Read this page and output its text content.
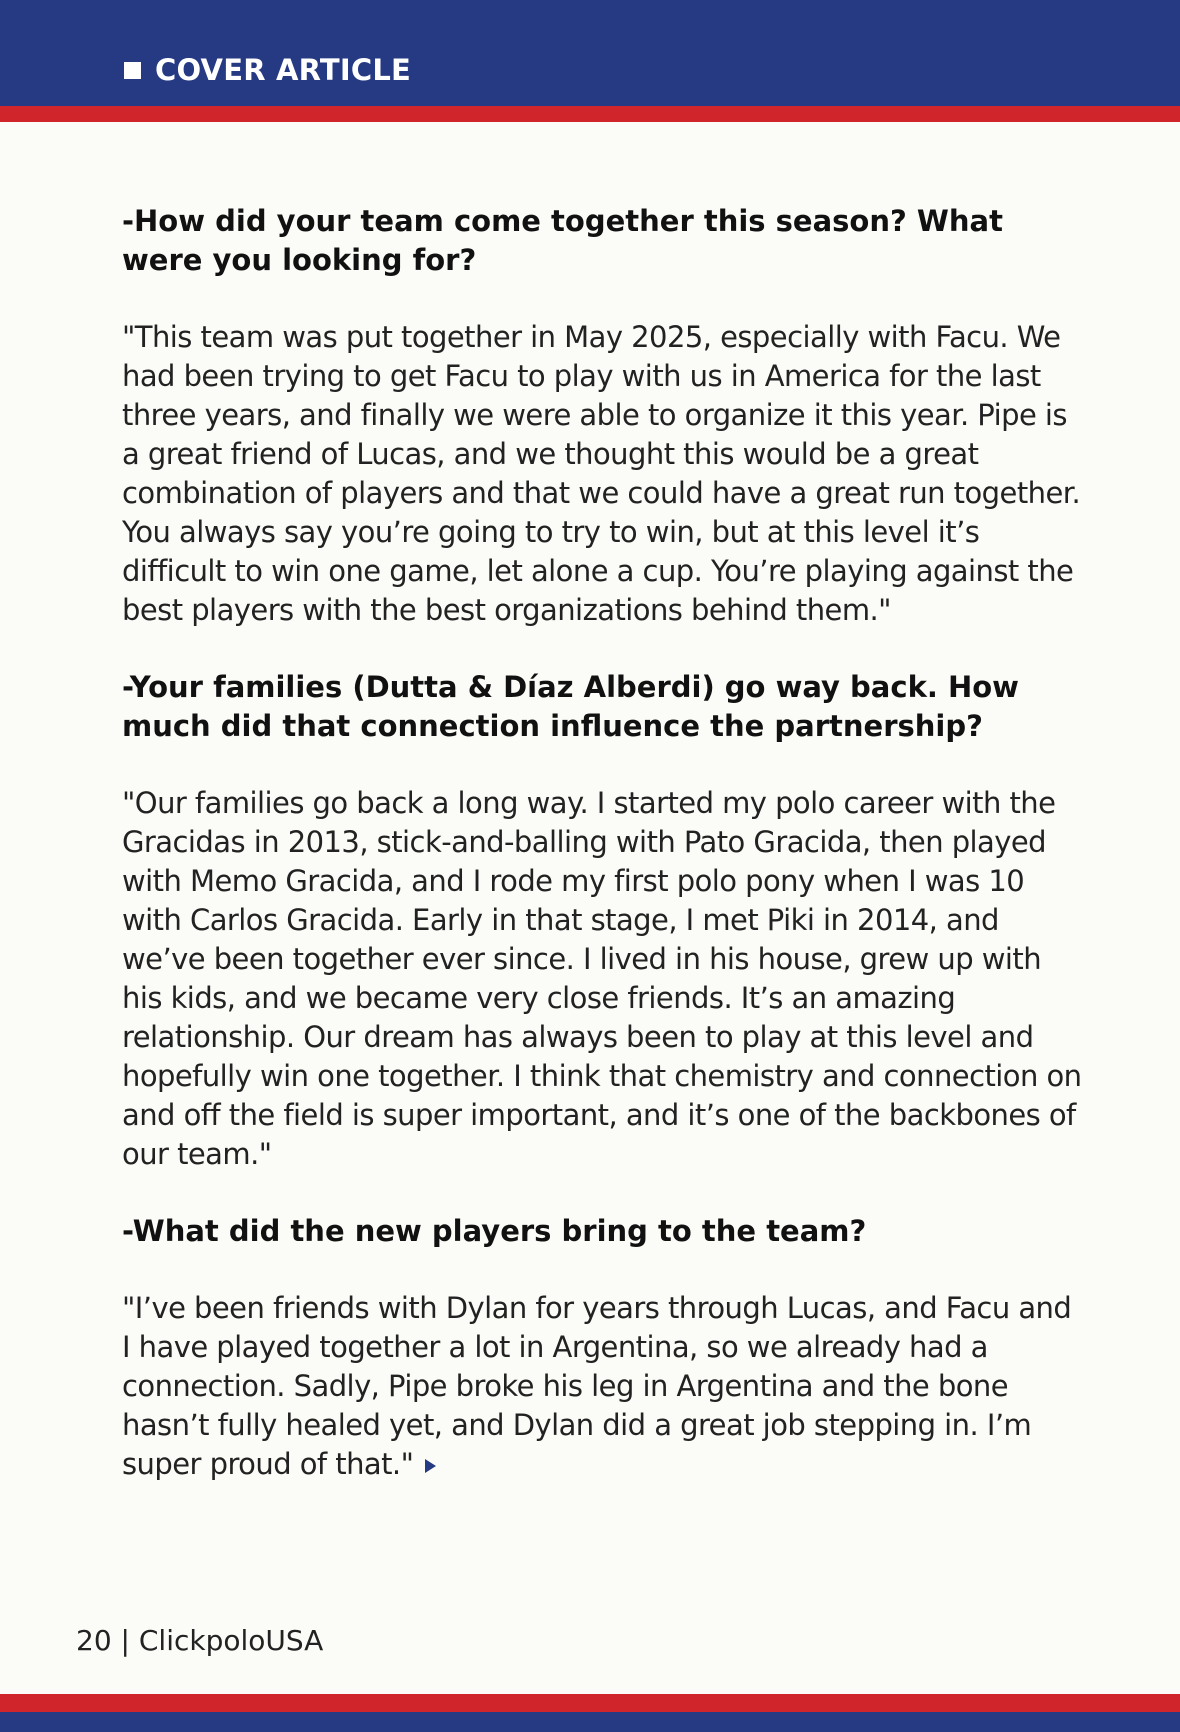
COVER ARTICLE

-How did your team come together this season? What were you looking for?

"This team was put together in May 2025, especially with Facu. We had been trying to get Facu to play with us in America for the last three years, and finally we were able to organize it this year. Pipe is a great friend of Lucas, and we thought this would be a great combination of players and that we could have a great run together. You always say you’re going to try to win, but at this level it’s difficult to win one game, let alone a cup. You’re playing against the best players with the best organizations behind them."

-Your families (Dutta & Díaz Alberdi) go way back. How much did that connection influence the partnership?

"Our families go back a long way. I started my polo career with the Gracidas in 2013, stick-and-balling with Pato Gracida, then played with Memo Gracida, and I rode my first polo pony when I was 10 with Carlos Gracida. Early in that stage, I met Piki in 2014, and we’ve been together ever since. I lived in his house, grew up with his kids, and we became very close friends. It’s an amazing relationship. Our dream has always been to play at this level and hopefully win one together. I think that chemistry and connection on and off the field is super important, and it’s one of the backbones of our team."

-What did the new players bring to the team?

"I’ve been friends with Dylan for years through Lucas, and Facu and I have played together a lot in Argentina, so we already had a connection. Sadly, Pipe broke his leg in Argentina and the bone hasn’t fully healed yet, and Dylan did a great job stepping in. I’m super proud of that."

20 | ClickpoloUSA
